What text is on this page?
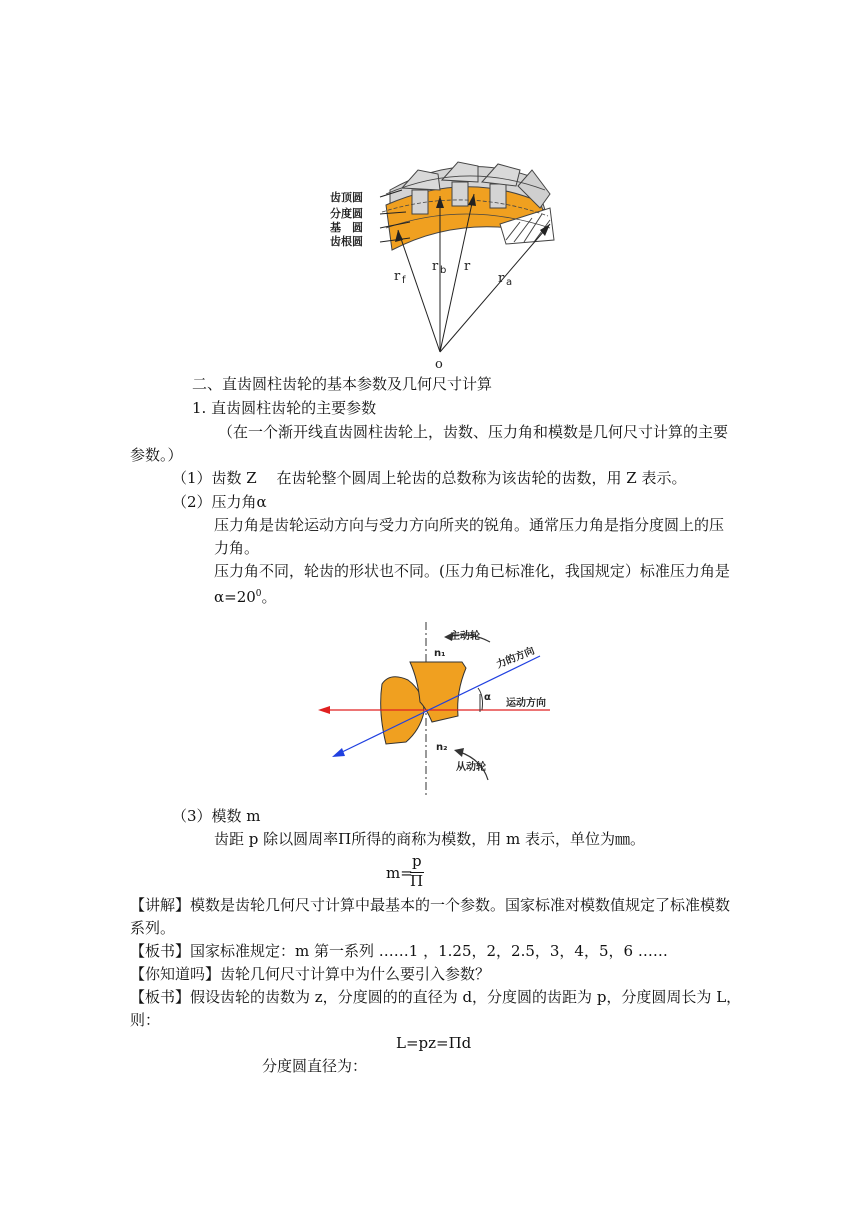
齿顶圆
分度圆
基　圆
齿根圆
r f
r b r
r a
o

二、直齿圆柱齿轮的基本参数及几何尺寸计算

1. 直齿圆柱齿轮的主要参数

（在一个渐开线直齿圆柱齿轮上，齿数、压力角和模数是几何尺寸计算的主要

参数。）

（1）齿数 Z　 在齿轮整个圆周上轮齿的总数称为该齿轮的齿数，用 Z 表示。

（2）压力角α

压力角是齿轮运动方向与受力方向所夹的锐角。通常压力角是指分度圆上的压

力角。

压力角不同，轮齿的形状也不同。(压力角已标准化，我国规定）标准压力角是

$\alpha=20^0$。

主动轮
n₁	力的方向
α
运动方向
n₂
从动轮

（3）模数 m

齿距 p 除以圆周率Π所得的商称为模数，用 m 表示，单位为㎜。

m=
p
Π

【讲解】模数是齿轮几何尺寸计算中最基本的一个参数。国家标准对模数值规定了标准模数

系列。

【板书】国家标准规定：m 第一系列 ……1 ，1.25，2，2.5，3，4，5，6 ……

【你知道吗】齿轮几何尺寸计算中为什么要引入参数？

【板书】假设齿轮的齿数为 z，分度圆的的直径为 d，分度圆的齿距为 p，分度圆周长为 L，

则：

L=pz=Πd

分度圆直径为：
